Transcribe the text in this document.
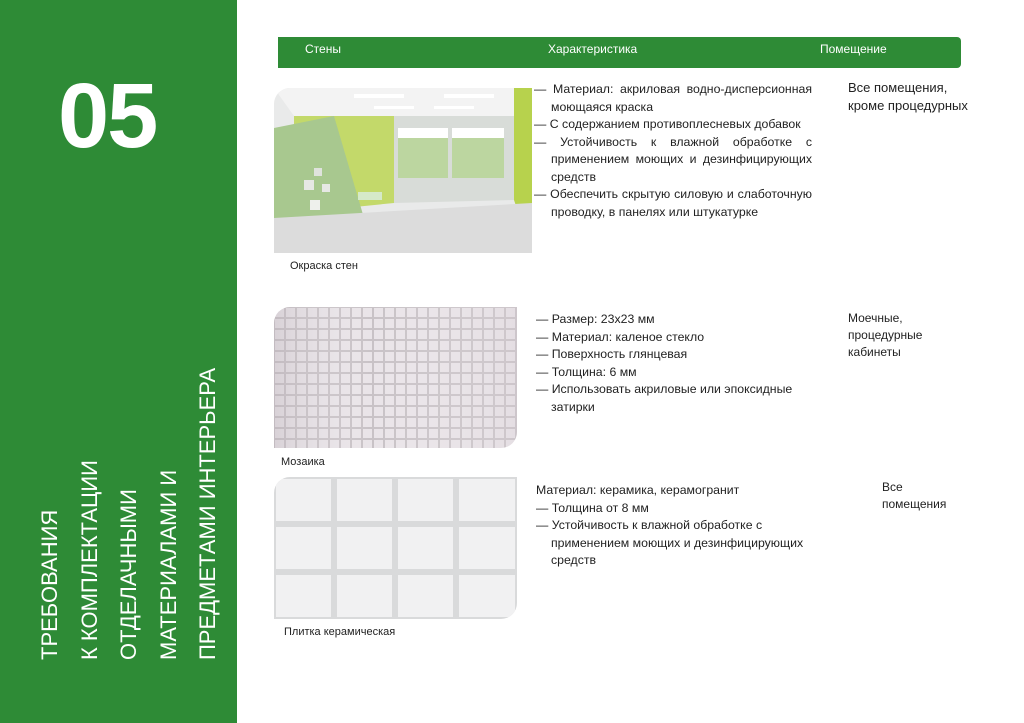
05
ТРЕБОВАНИЯ К КОМПЛЕКТАЦИИ ОТДЕЛАЧНЫМИ МАТЕРИАЛАМИ И ПРЕДМЕТАМИ ИНТЕРЬЕРА
Стены	Характеристика	Помещение
Окраска стен
— Материал: акриловая водно-дисперсионная моющаяся краска
— С содержанием противоплесневых добавок
— Устойчивость к влажной обработке с применением моющих и дезинфицирующих средств
— Обеспечить скрытую силовую и слаботочную проводку, в панелях или штукатурке
Все помещения, кроме процедурных
Мозаика
— Размер: 23х23 мм
— Материал: каленое стекло
— Поверхность глянцевая
— Толщина: 6 мм
— Использовать акриловые или эпоксидные затирки
Моечные, процедурные кабинеты
Плитка керамическая
Материал: керамика, керамогранит
— Толщина от 8 мм
— Устойчивость к влажной обработке с применением моющих и дезинфицирующих средств
Все помещения
